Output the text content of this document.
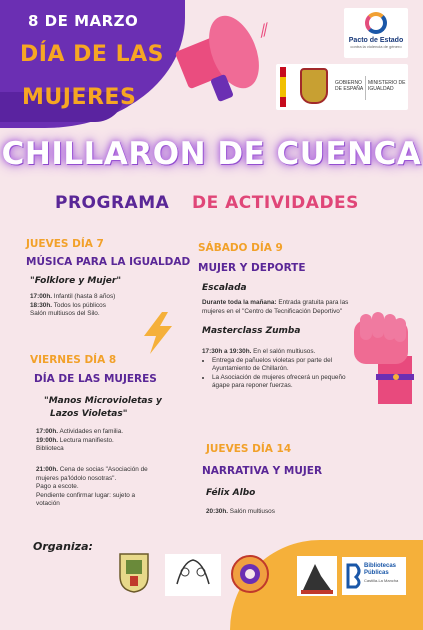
8 DE MARZO
DÍA DE LAS
MUJERES
⁄⁄
Pacto de Estado
contra la violencia de género
GOBIERNO DE ESPAÑA
MINISTERIO DE IGUALDAD
CHILLARON DE CUENCA
PROGRAMA DE ACTIVIDADES
JUEVES DÍA 7
MÚSICA PARA LA IGUALDAD
"Folklore y Mujer"
17:00h. Infantil (hasta 8 años)
18:30h. Todos los públicos
Salón multiusos del Silo.
VIERNES DÍA 8
DÍA DE LAS MUJERES
"Manos Microvioletas y
Lazos Violetas"
17:00h. Actividades en familia.
19:00h. Lectura manifiesto.
Biblioteca
21:00h. Cena de socias "Asociación de
mujeres pa'lódolo nosotras".
Pago a escote.
Pendiente confirmar lugar: sujeto a
votación
SÁBADO DÍA 9
MUJER Y DEPORTE
Escalada
Durante toda la mañana: Entrada gratuita para las
mujeres en el "Centro de Tecnificación Deportivo"
Masterclass Zumba
17:30h a 19:30h. En el salón multiusos.
• Entrega de pañuelos violetas por parte del Ayuntamiento de Chillarón.
• La Asociación de mujeres ofrecerá un pequeño ágape para reponer fuerzas.
JUEVES DÍA 14
NARRATIVA Y MUJER
Félix Albo
20:30h. Salón multiusos
Organiza:
Bibliotecas
Públicas
Castilla-La Mancha
